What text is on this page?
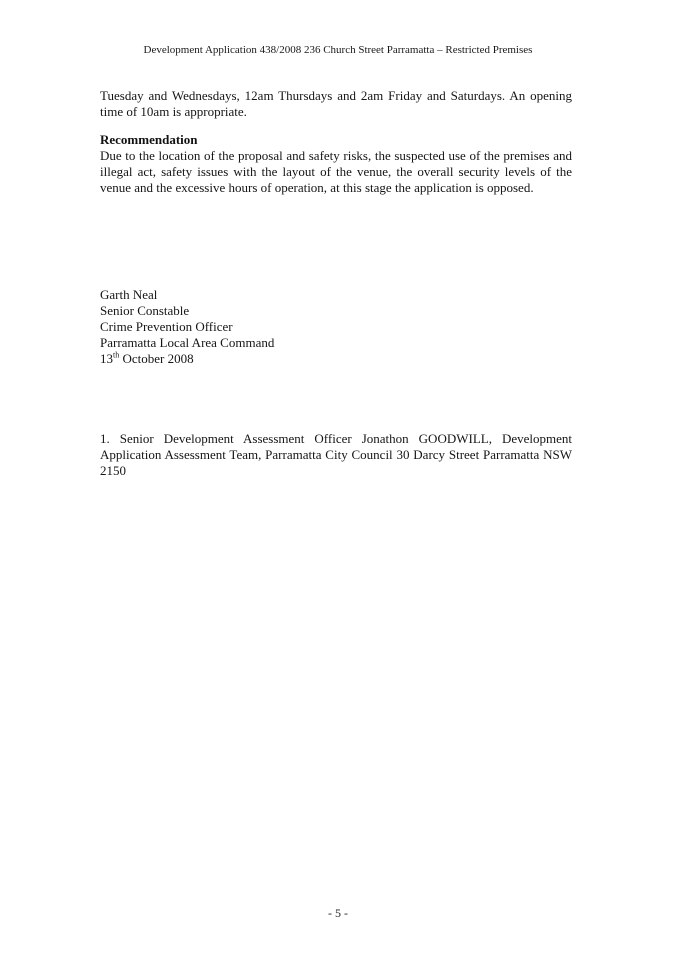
Development Application 438/2008 236 Church Street Parramatta – Restricted Premises
Tuesday and Wednesdays, 12am Thursdays and 2am Friday and Saturdays. An opening time of 10am is appropriate.
Recommendation
Due to the location of the proposal and safety risks, the suspected use of the premises and illegal act, safety issues with the layout of the venue, the overall security levels of the venue and the excessive hours of operation, at this stage the application is opposed.
Garth Neal
Senior Constable
Crime Prevention Officer
Parramatta Local Area Command
13th October 2008
1. Senior Development Assessment Officer Jonathon GOODWILL, Development Application Assessment Team, Parramatta City Council 30 Darcy Street Parramatta NSW 2150
- 5 -
